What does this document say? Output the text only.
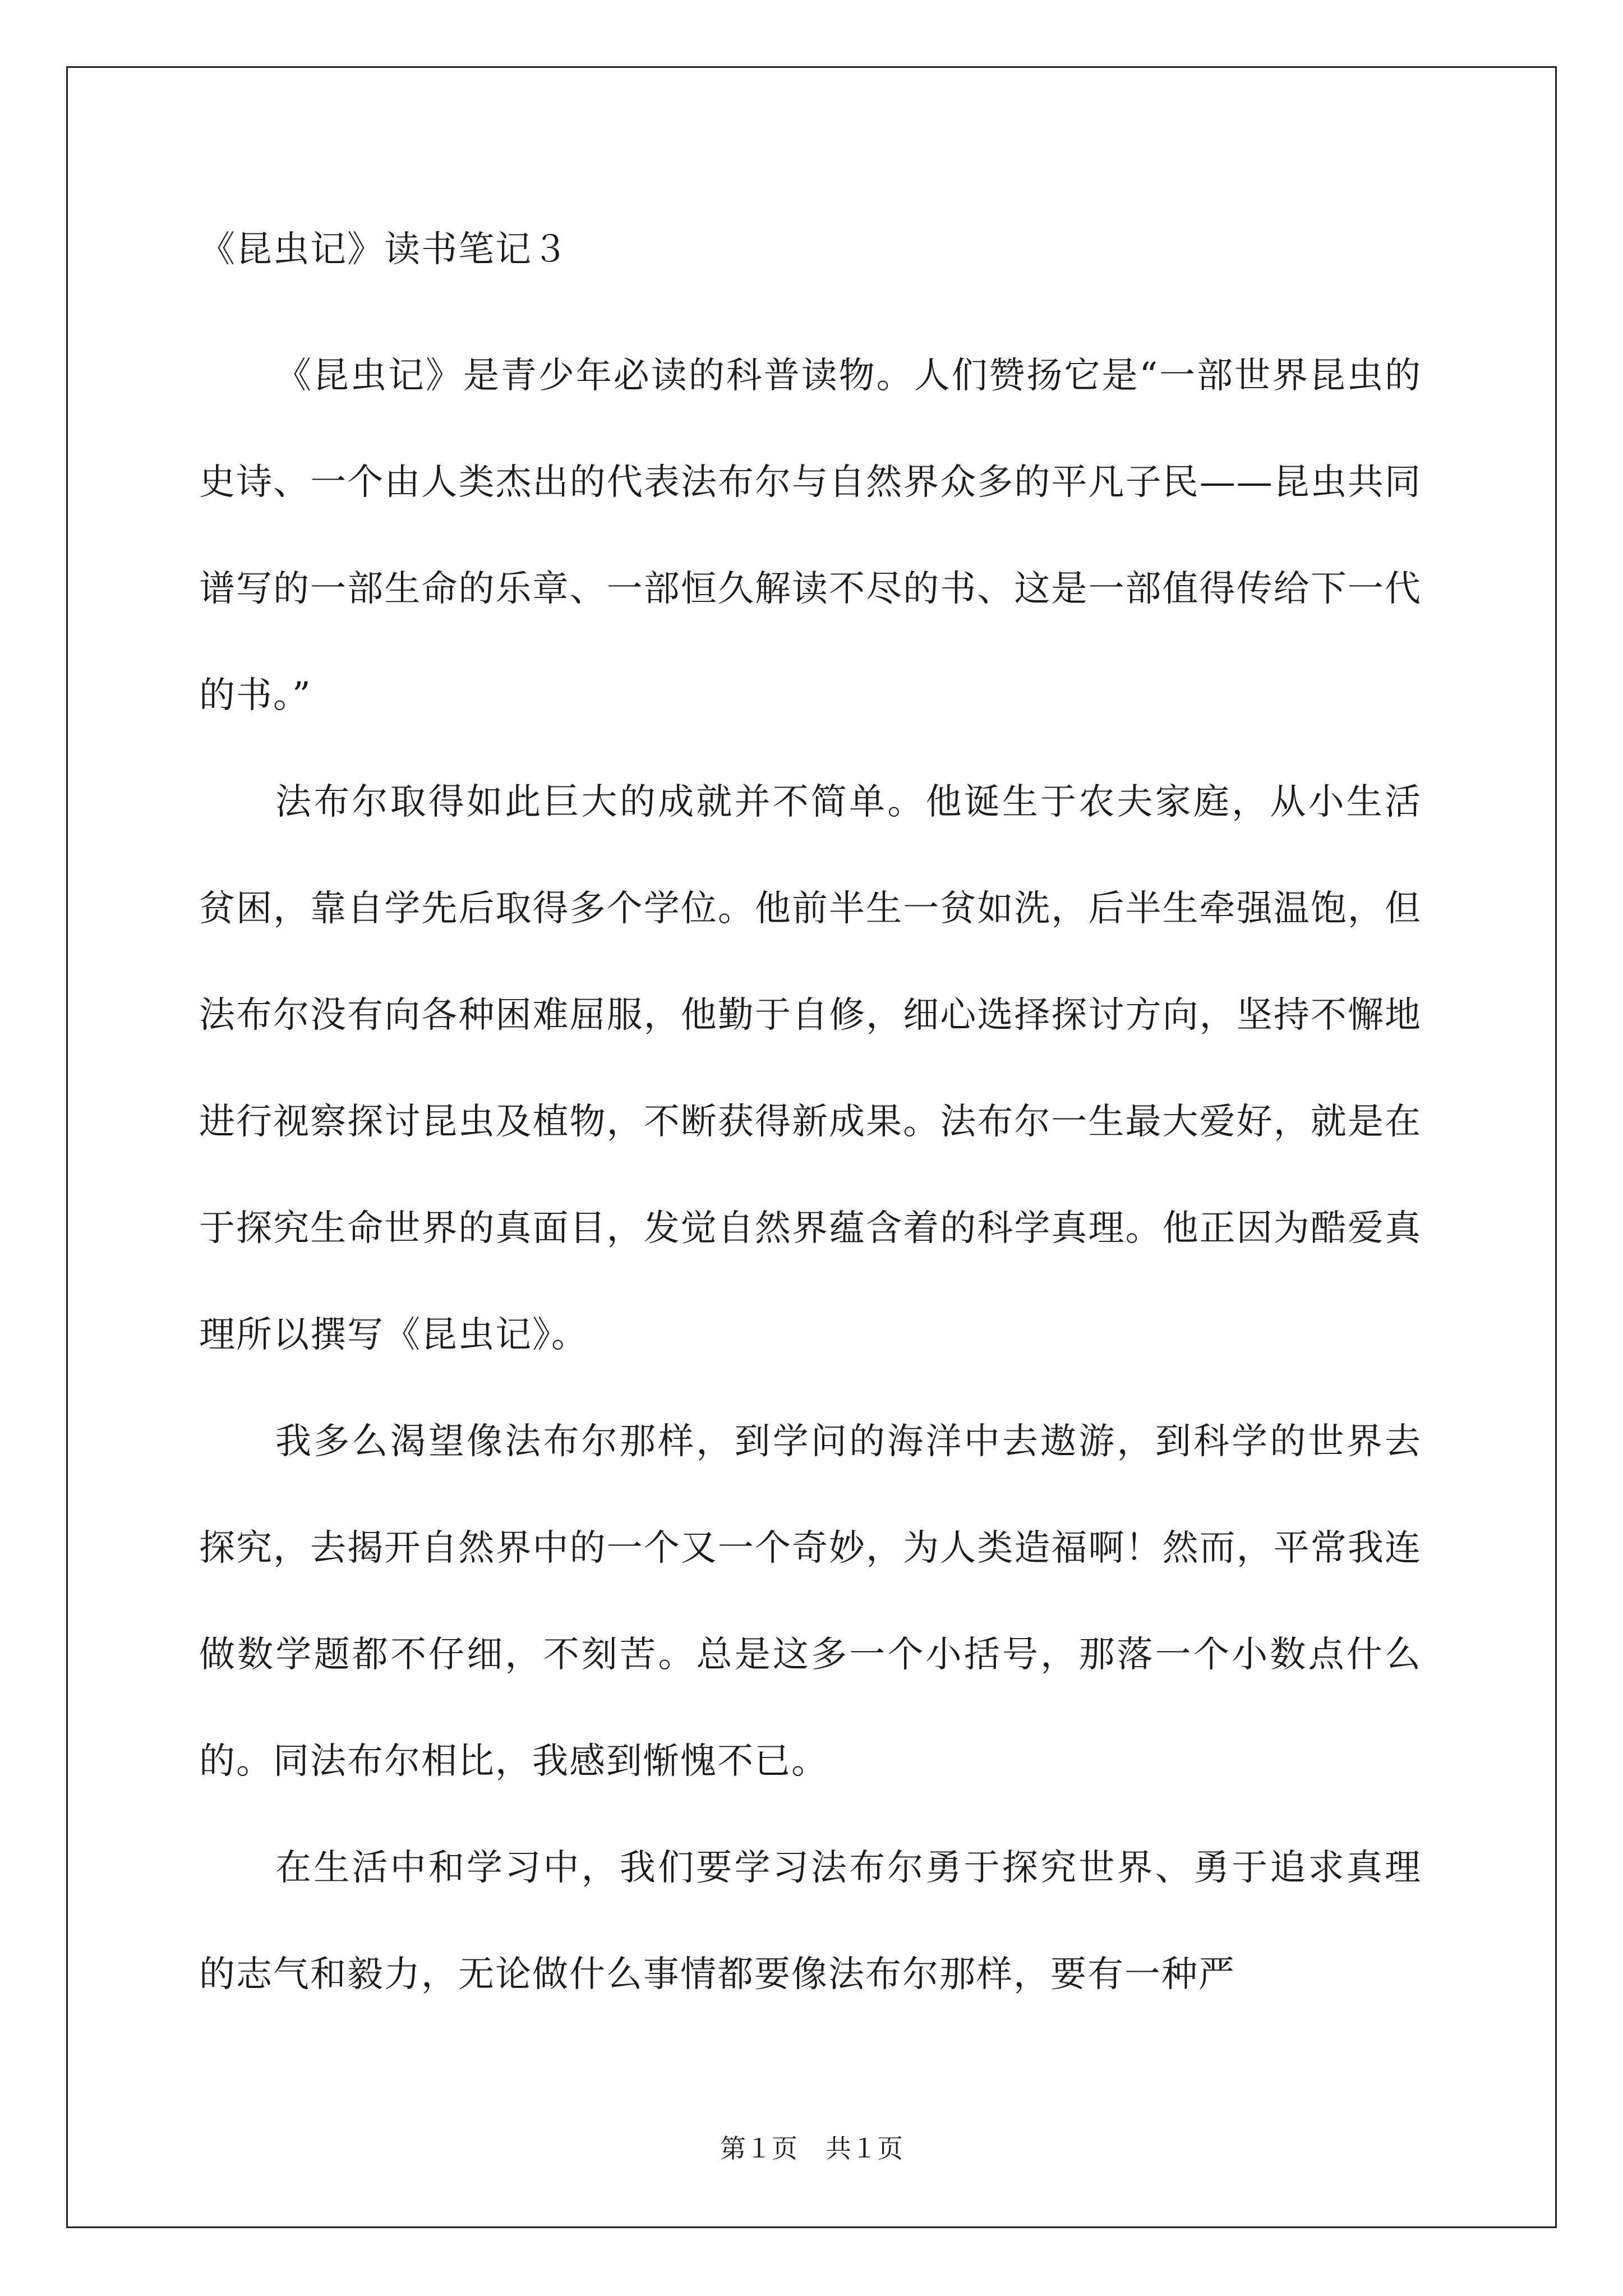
《昆虫记》读书笔记３

《昆虫记》是青少年必读的科普读物。人们赞扬它是“一部世界昆虫的史诗、一个由人类杰出的代表法布尔与自然界众多的平凡子民——昆虫共同谱写的一部生命的乐章、一部恒久解读不尽的书、这是一部值得传给下一代的书。”

法布尔取得如此巨大的成就并不简单。他诞生于农夫家庭，从小生活贫困，靠自学先后取得多个学位。他前半生一贫如洗，后半生牵强温饱，但法布尔没有向各种困难屈服，他勤于自修，细心选择探讨方向，坚持不懈地进行视察探讨昆虫及植物，不断获得新成果。法布尔一生最大爱好，就是在于探究生命世界的真面目，发觉自然界蕴含着的科学真理。他正因为酷爱真理所以撰写《昆虫记》。

我多么渴望像法布尔那样，到学问的海洋中去遨游，到科学的世界去探究，去揭开自然界中的一个又一个奇妙，为人类造福啊！然而，平常我连做数学题都不仔细，不刻苦。总是这多一个小括号，那落一个小数点什么的。同法布尔相比，我感到惭愧不已。

在生活中和学习中，我们要学习法布尔勇于探究世界、勇于追求真理的志气和毅力，无论做什么事情都要像法布尔那样，要有一种严

第１页 共１页
